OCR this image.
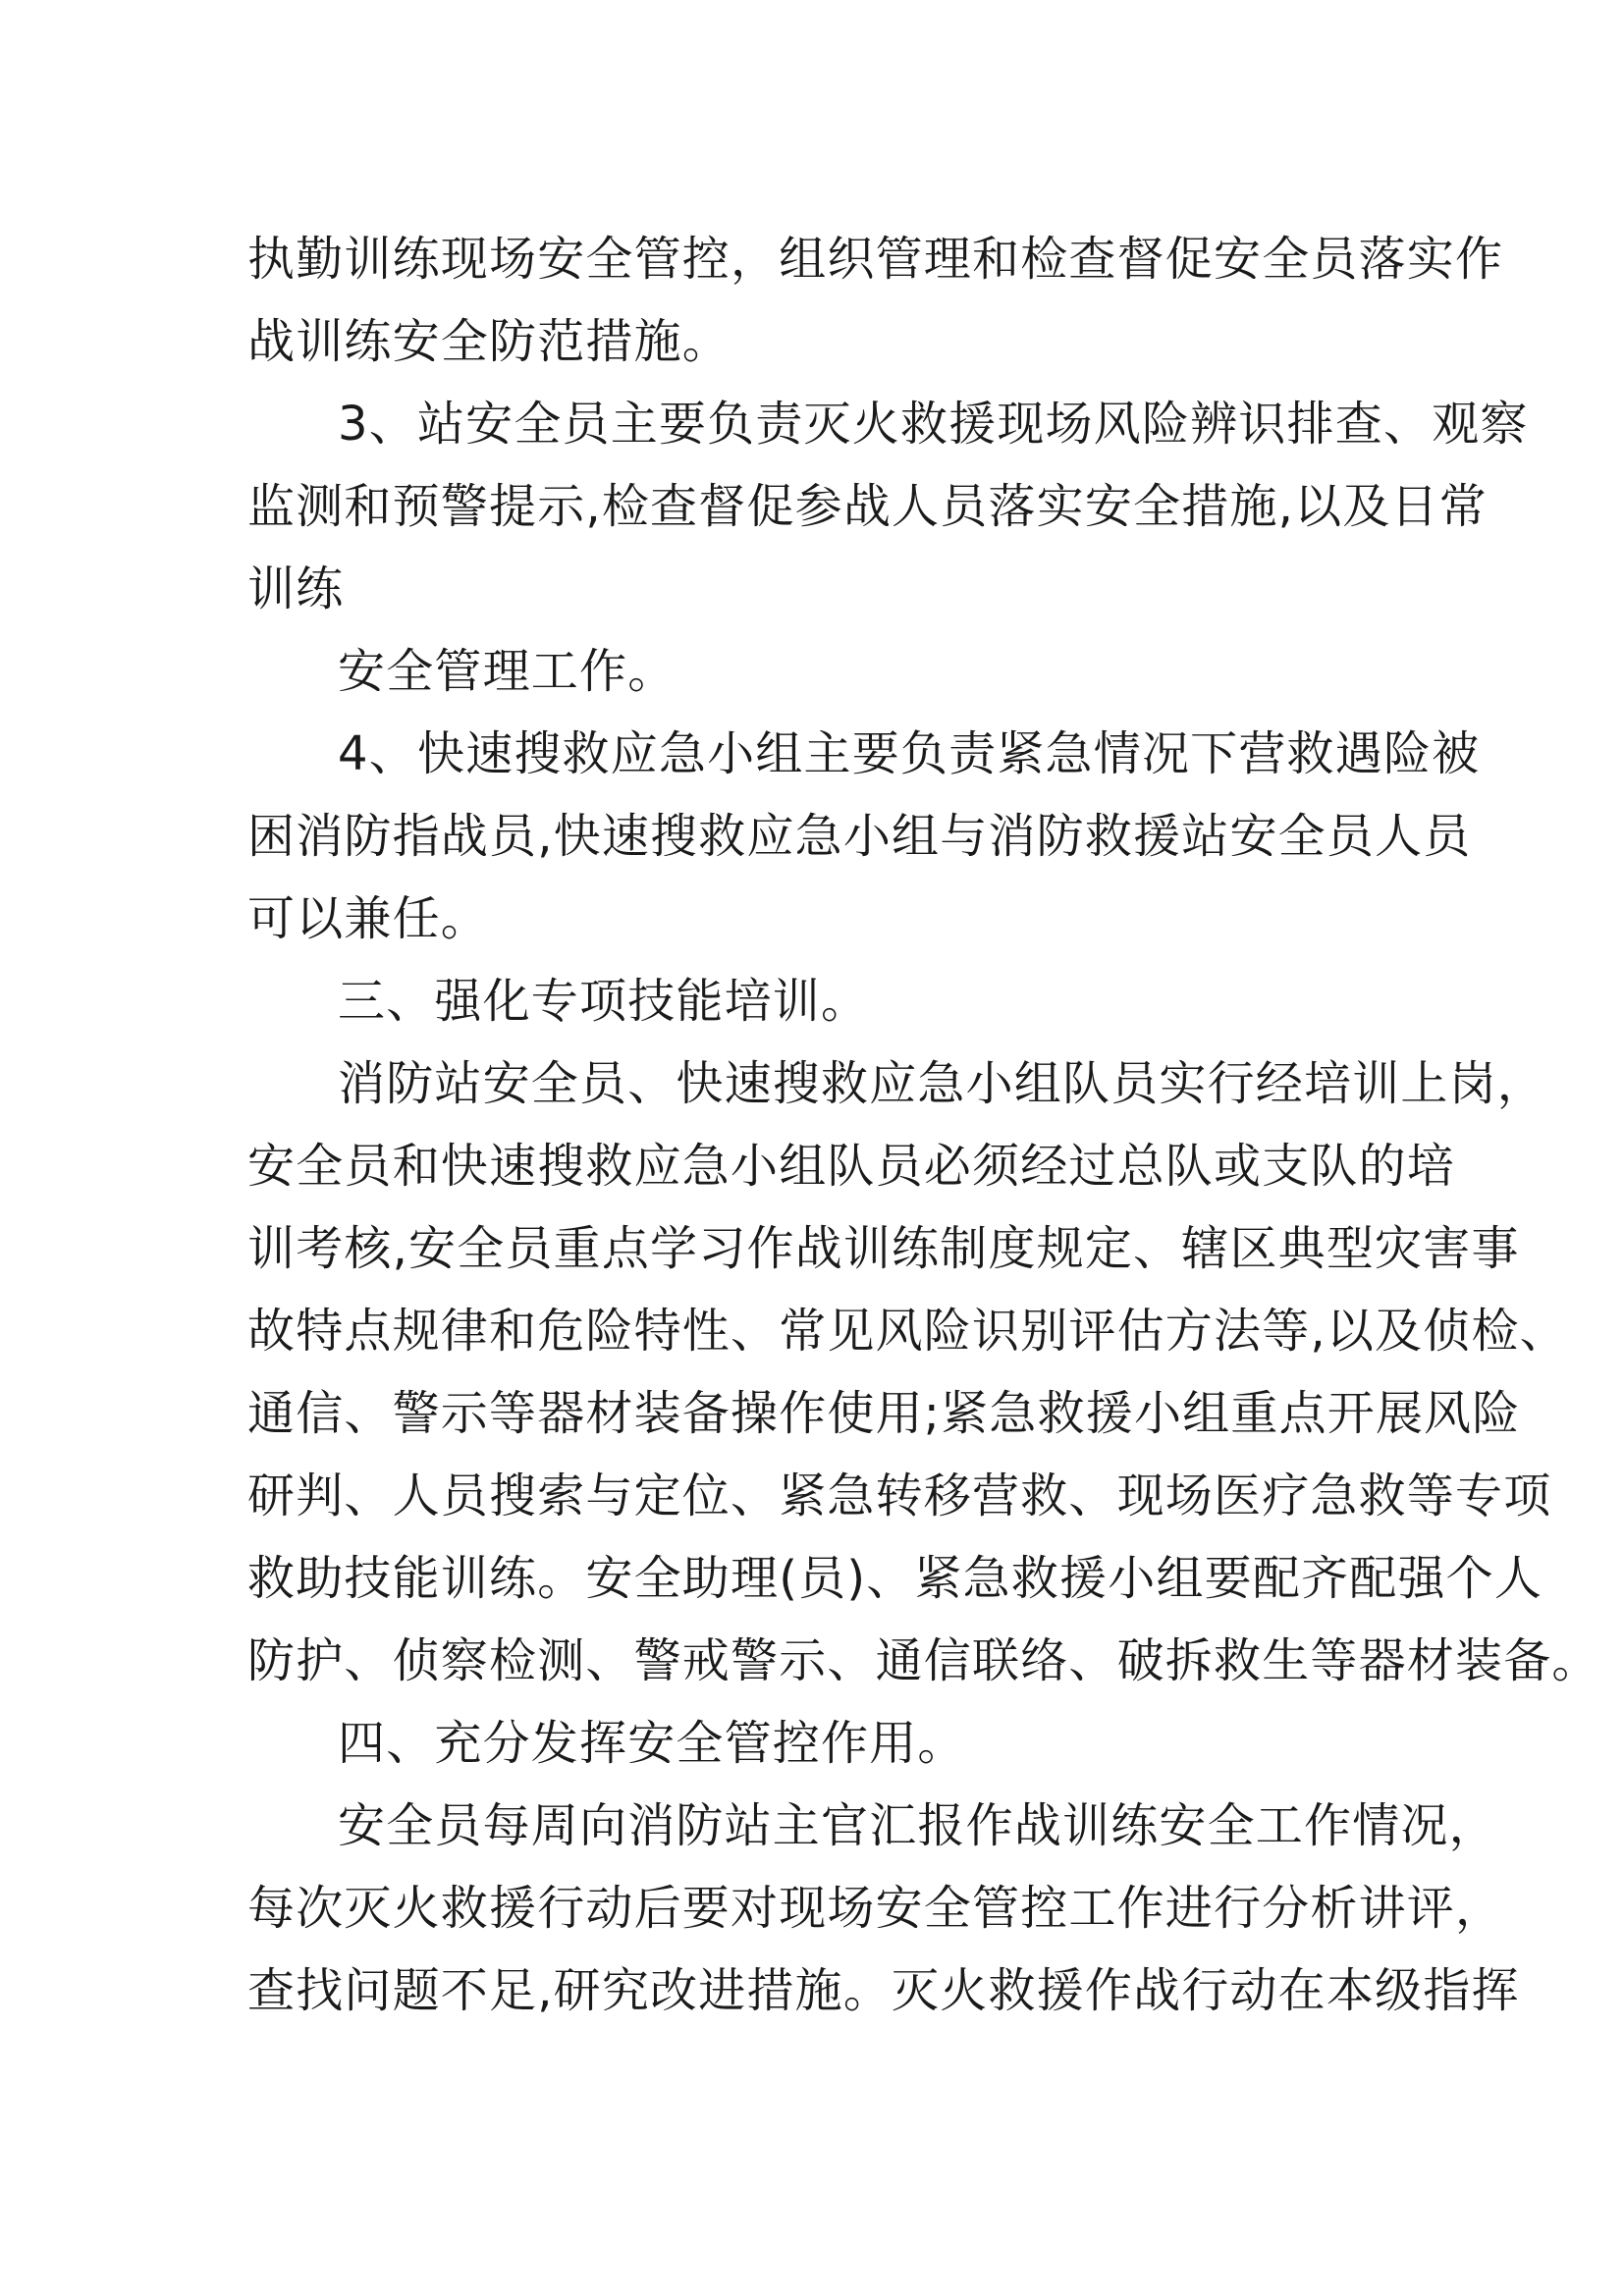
执勤训练现场安全管控，组织管理和检查督促安全员落实作
战训练安全防范措施。
3、站安全员主要负责灭火救援现场风险辨识排查、观察
监测和预警提示,检查督促参战人员落实安全措施,以及日常
训练
安全管理工作。
4、快速搜救应急小组主要负责紧急情况下营救遇险被
困消防指战员,快速搜救应急小组与消防救援站安全员人员
可以兼任。
三、强化专项技能培训。
消防站安全员、快速搜救应急小组队员实行经培训上岗，
安全员和快速搜救应急小组队员必须经过总队或支队的培
训考核,安全员重点学习作战训练制度规定、辖区典型灾害事
故特点规律和危险特性、常见风险识别评估方法等,以及侦检、
通信、警示等器材装备操作使用;紧急救援小组重点开展风险
研判、人员搜索与定位、紧急转移营救、现场医疗急救等专项
救助技能训练。安全助理(员)、紧急救援小组要配齐配强个人
防护、侦察检测、警戒警示、通信联络、破拆救生等器材装备。
四、充分发挥安全管控作用。
安全员每周向消防站主官汇报作战训练安全工作情况，
每次灭火救援行动后要对现场安全管控工作进行分析讲评，
查找问题不足,研究改进措施。灭火救援作战行动在本级指挥
